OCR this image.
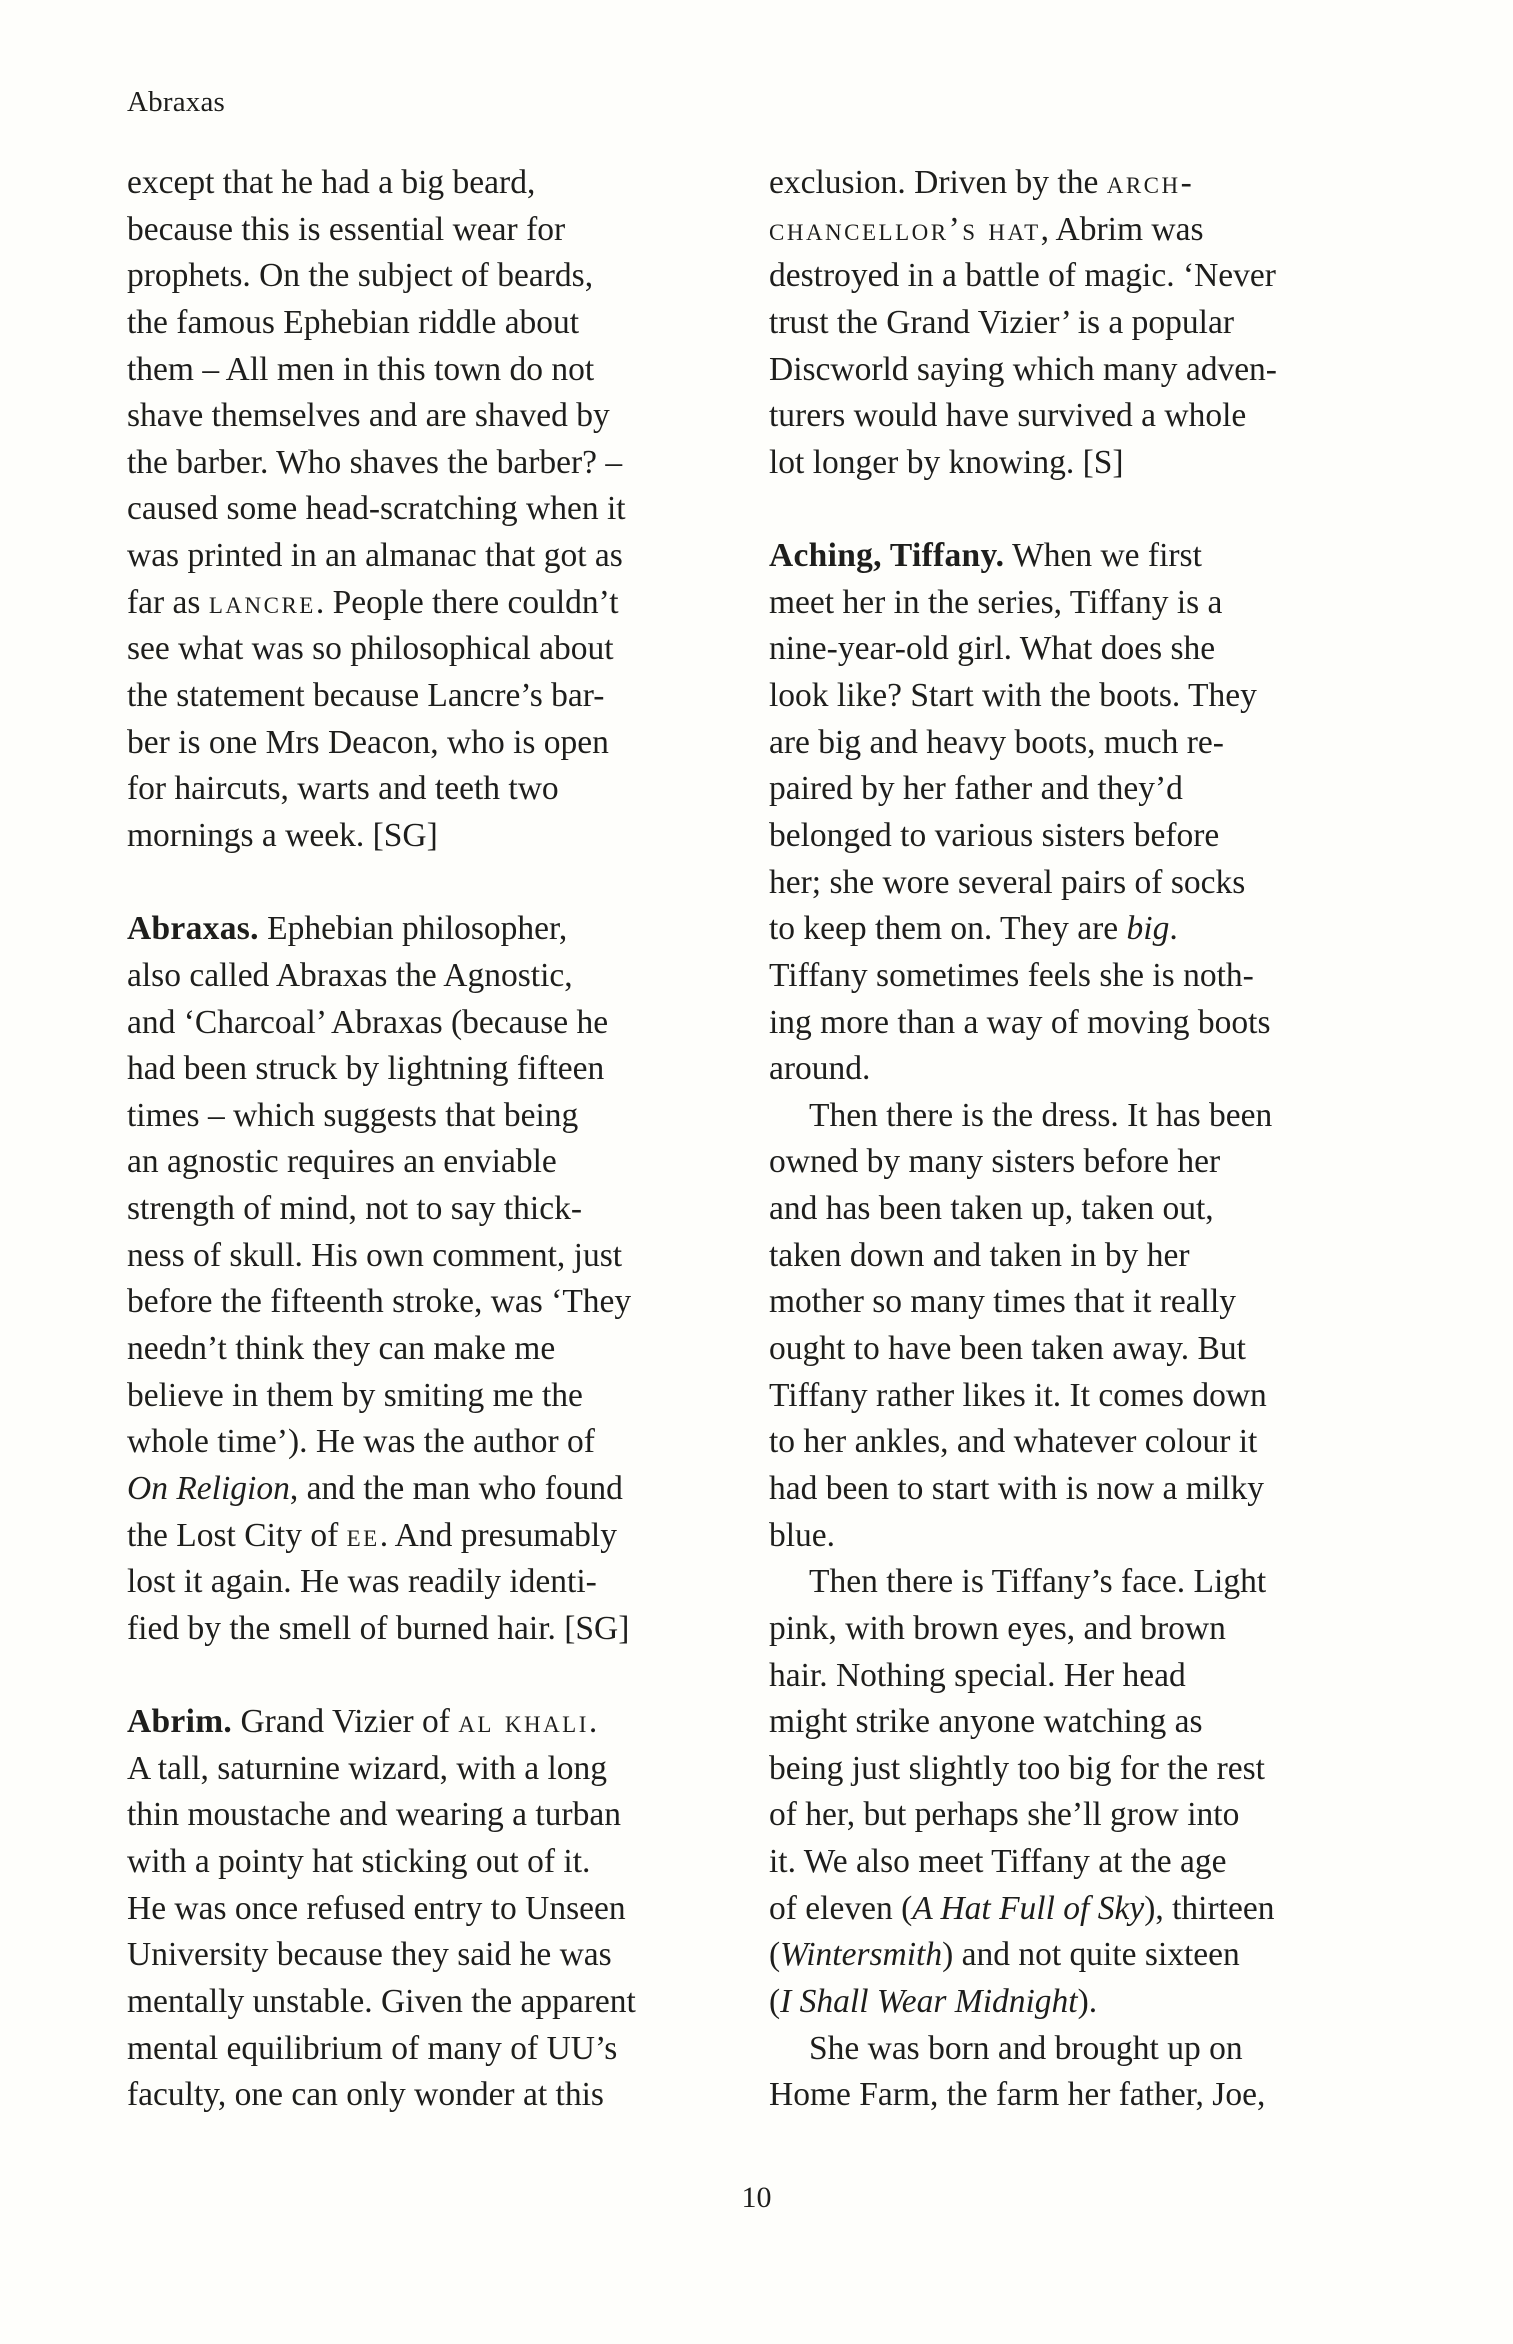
Abraxas
except that he had a big beard,
because this is essential wear for
prophets. On the subject of beards,
the famous Ephebian riddle about
them – All men in this town do not
shave themselves and are shaved by
the barber. Who shaves the barber? –
caused some head-scratching when it
was printed in an almanac that got as
far as lancre. People there couldn’t
see what was so philosophical about
the statement because Lancre’s bar-
ber is one Mrs Deacon, who is open
for haircuts, warts and teeth two
mornings a week. [SG]
Abraxas. Ephebian philosopher,
also called Abraxas the Agnostic,
and ‘Charcoal’ Abraxas (because he
had been struck by lightning fifteen
times – which suggests that being
an agnostic requires an enviable
strength of mind, not to say thick-
ness of skull. His own comment, just
before the fifteenth stroke, was ‘They
needn’t think they can make me
believe in them by smiting me the
whole time’). He was the author of
On Religion, and the man who found
the Lost City of ee. And presumably
lost it again. He was readily identi-
fied by the smell of burned hair. [SG]
Abrim. Grand Vizier of al khali.
A tall, saturnine wizard, with a long
thin moustache and wearing a turban
with a pointy hat sticking out of it.
He was once refused entry to Unseen
University because they said he was
mentally unstable. Given the apparent
mental equilibrium of many of UU’s
faculty, one can only wonder at this
exclusion. Driven by the arch-
chancellor’s hat, Abrim was
destroyed in a battle of magic. ‘Never
trust the Grand Vizier’ is a popular
Discworld saying which many adven-
turers would have survived a whole
lot longer by knowing. [S]
Aching, Tiffany. When we first
meet her in the series, Tiffany is a
nine-year-old girl. What does she
look like? Start with the boots. They
are big and heavy boots, much re-
paired by her father and they’d
belonged to various sisters before
her; she wore several pairs of socks
to keep them on. They are big.
Tiffany sometimes feels she is noth-
ing more than a way of moving boots
around.
Then there is the dress. It has been
owned by many sisters before her
and has been taken up, taken out,
taken down and taken in by her
mother so many times that it really
ought to have been taken away. But
Tiffany rather likes it. It comes down
to her ankles, and whatever colour it
had been to start with is now a milky
blue.
Then there is Tiffany’s face. Light
pink, with brown eyes, and brown
hair. Nothing special. Her head
might strike anyone watching as
being just slightly too big for the rest
of her, but perhaps she’ll grow into
it. We also meet Tiffany at the age
of eleven (A Hat Full of Sky), thirteen
(Wintersmith) and not quite sixteen
(I Shall Wear Midnight).
She was born and brought up on
Home Farm, the farm her father, Joe,
10
